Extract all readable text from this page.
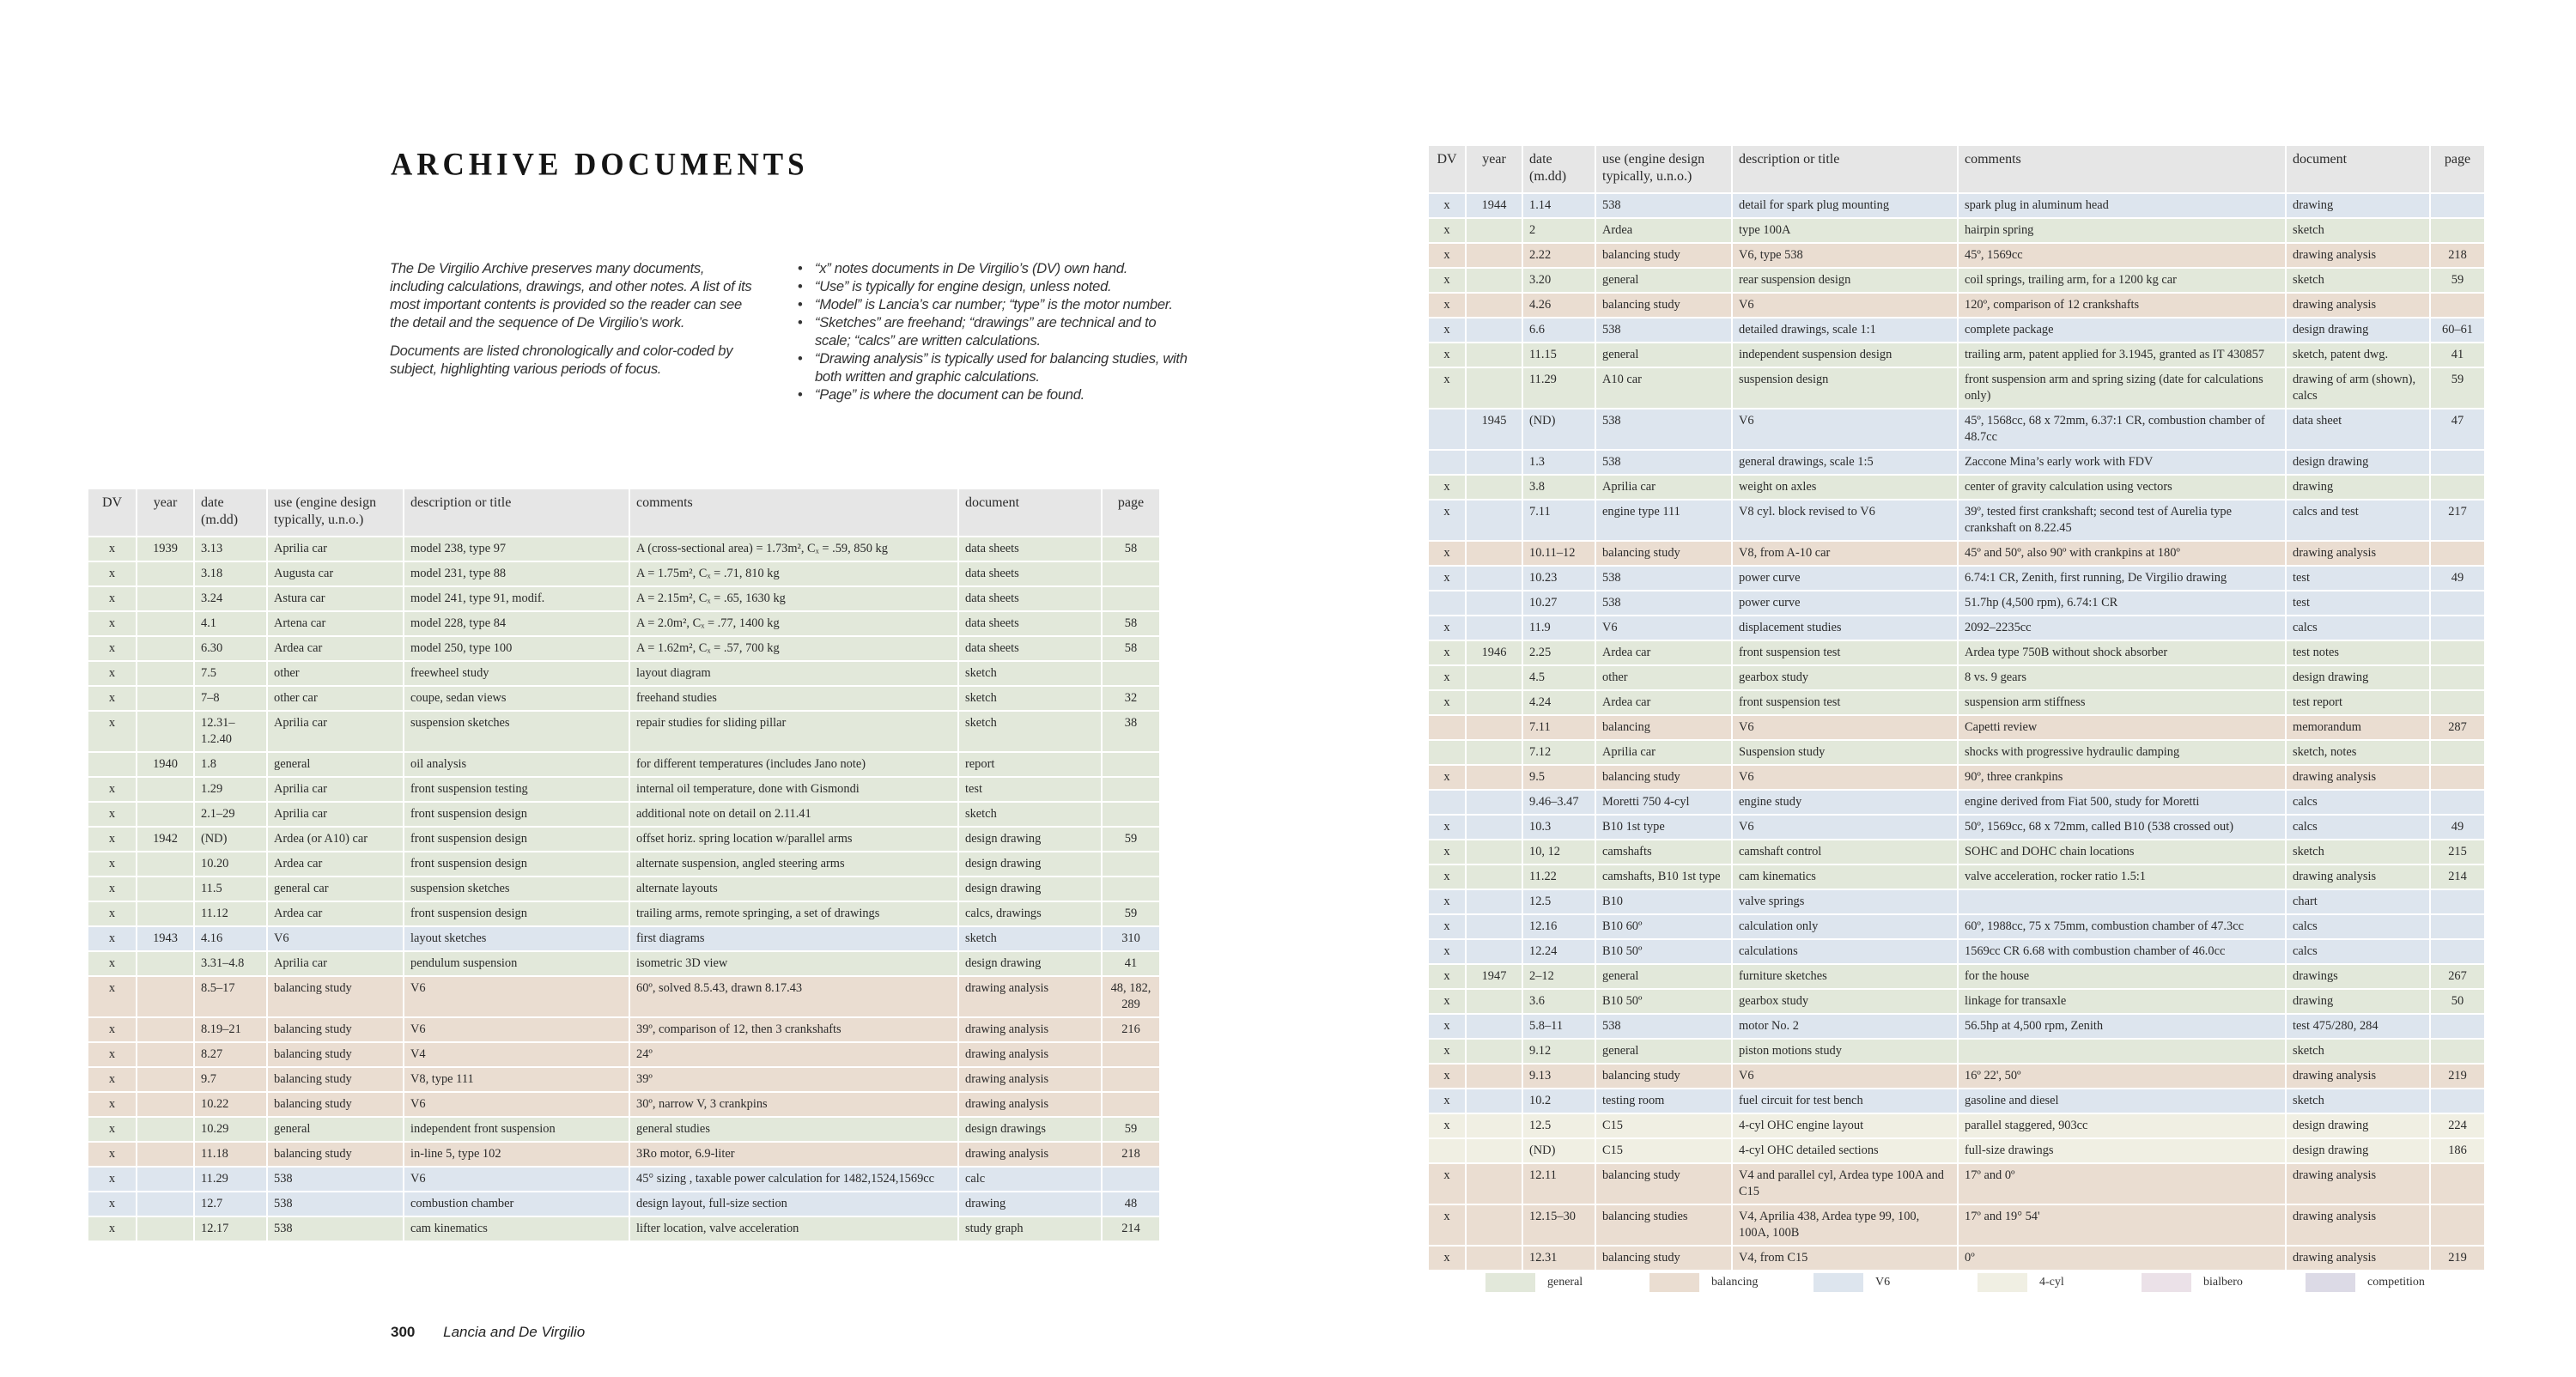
ARCHIVE DOCUMENTS

The De Virgilio Archive preserves many documents, including calculations, drawings, and other notes. A list of its most important contents is provided so the reader can see the detail and the sequence of De Virgilio’s work.

Documents are listed chronologically and color-coded by subject, highlighting various periods of focus.

• “x” notes documents in De Virgilio’s (DV) own hand.
• “Use” is typically for engine design, unless noted.
• “Model” is Lancia’s car number; “type” is the motor number.
• “Sketches” are freehand; “drawings” are technical and to scale; “calcs” are written calculations.
• “Drawing analysis” is typically used for balancing studies, with both written and graphic calculations.
• “Page” is where the document can be found.
DV	year	date (m.dd)	use (engine design typically, u.n.o.)	description or title	comments	document	page
x	1939	3.13	Aprilia car	model 238, type 97	A (cross-sectional area) = 1.73m², Cₓ = .59, 850 kg	data sheets	58
x		3.18	Augusta car	model 231, type 88	A = 1.75m², Cₓ = .71, 810 kg	data sheets	
x		3.24	Astura car	model 241, type 91, modif.	A = 2.15m², Cₓ = .65, 1630 kg	data sheets	
x		4.1	Artena car	model 228, type 84	A = 2.0m², Cₓ = .77, 1400 kg	data sheets	58
x		6.30	Ardea car	model 250, type 100	A = 1.62m², Cₓ = .57, 700 kg	data sheets	58
x		7.5	other	freewheel study	layout diagram	sketch	
x		7–8	other car	coupe, sedan views	freehand studies	sketch	32
x		12.31– 1.2.40	Aprilia car	suspension sketches	repair studies for sliding pillar	sketch	38
	1940	1.8	general	oil analysis	for different temperatures (includes Jano note)	report	
x		1.29	Aprilia car	front suspension testing	internal oil temperature, done with Gismondi	test	
x		2.1–29	Aprilia car	front suspension design	additional note on detail on 2.11.41	sketch	
x	1942	(ND)	Ardea (or A10) car	front suspension design	offset horiz. spring location w/parallel arms	design drawing	59
x		10.20	Ardea car	front suspension design	alternate suspension, angled steering arms	design drawing	
x		11.5	general car	suspension sketches	alternate layouts	design drawing	
x		11.12	Ardea car	front suspension design	trailing arms, remote springing, a set of drawings	calcs, drawings	59
x	1943	4.16	V6	layout sketches	first diagrams	sketch	310
x		3.31–4.8	Aprilia car	pendulum suspension	isometric 3D view	design drawing	41
x		8.5–17	balancing study	V6	60º, solved 8.5.43, drawn 8.17.43	drawing analysis	48, 182, 289
x		8.19–21	balancing study	V6	39º, comparison of 12, then 3 crankshafts	drawing analysis	216
x		8.27	balancing study	V4	24º	drawing analysis	
x		9.7	balancing study	V8, type 111	39º	drawing analysis	
x		10.22	balancing study	V6	30º, narrow V, 3 crankpins	drawing analysis	
x		10.29	general	independent front suspension	general studies	design drawings	59
x		11.18	balancing study	in-line 5, type 102	3Ro motor, 6.9-liter	drawing analysis	218
x		11.29	538	V6	45° sizing , taxable power calculation for 1482,1524,1569cc	calc	
x		12.7	538	combustion chamber	design layout, full-size section	drawing	48
x		12.17	538	cam kinematics	lifter location, valve acceleration	study graph	214
DV	year	date (m.dd)	use (engine design typically, u.n.o.)	description or title	comments	document	page
x	1944	1.14	538	detail for spark plug mounting	spark plug in aluminum head	drawing	
x		2	Ardea	type 100A	hairpin spring	sketch	
x		2.22	balancing study	V6, type 538	45º, 1569cc	drawing analysis	218
x		3.20	general	rear suspension design	coil springs, trailing arm, for a 1200 kg car	sketch	59
x		4.26	balancing study	V6	120º, comparison of 12 crankshafts	drawing analysis	
x		6.6	538	detailed drawings, scale 1:1	complete package	design drawing	60–61
x		11.15	general	independent suspension design	trailing arm, patent applied for 3.1945, granted as IT 430857	sketch, patent dwg.	41
x		11.29	A10 car	suspension design	front suspension arm and spring sizing (date for calculations only)	drawing of arm (shown), calcs	59
	1945	(ND)	538	V6	45º, 1568cc, 68 x 72mm, 6.37:1 CR, combustion chamber of 48.7cc	data sheet	47
		1.3	538	general drawings, scale 1:5	Zaccone Mina’s early work with FDV	design drawing	
x		3.8	Aprilia car	weight on axles	center of gravity calculation using vectors	drawing	
x		7.11	engine type 111	V8 cyl. block revised to V6	39º, tested first crankshaft; second test of Aurelia type crankshaft on 8.22.45	calcs and test	217
x		10.11–12	balancing study	V8, from A-10 car	45º and 50º, also 90º with crankpins at 180º	drawing analysis	
x		10.23	538	power curve	6.74:1 CR, Zenith, first running, De Virgilio drawing	test	49
		10.27	538	power curve	51.7hp (4,500 rpm), 6.74:1 CR	test	
x		11.9	V6	displacement studies	2092–2235cc	calcs	
x	1946	2.25	Ardea car	front suspension test	Ardea type 750B without shock absorber	test notes	
x		4.5	other	gearbox study	8 vs. 9 gears	design drawing	
x		4.24	Ardea car	front suspension test	suspension arm stiffness	test report	
		7.11	balancing	V6	Capetti review	memorandum	287
		7.12	Aprilia car	Suspension study	shocks with progressive hydraulic damping	sketch, notes	
x		9.5	balancing study	V6	90º, three crankpins	drawing analysis	
		9.46–3.47	Moretti 750 4-cyl	engine study	engine derived from Fiat 500, study for Moretti	calcs	
x		10.3	B10 1st type	V6	50º, 1569cc, 68 x 72mm, called B10 (538 crossed out)	calcs	49
x		10, 12	camshafts	camshaft control	SOHC and DOHC chain locations	sketch	215
x		11.22	camshafts, B10 1st type	cam kinematics	valve acceleration, rocker ratio 1.5:1	drawing analysis	214
x		12.5	B10	valve springs		chart	
x		12.16	B10 60º	calculation only	60º, 1988cc, 75 x 75mm, combustion chamber of 47.3cc	calcs	
x		12.24	B10 50º	calculations	1569cc CR 6.68 with combustion chamber of 46.0cc	calcs	
x	1947	2–12	general	furniture sketches	for the house	drawings	267
x		3.6	B10 50º	gearbox study	linkage for transaxle	drawing	50
x		5.8–11	538	motor No. 2	56.5hp at 4,500 rpm, Zenith	test 475/280, 284	
x		9.12	general	piston motions study		sketch	
x		9.13	balancing study	V6	16º 22', 50º	drawing analysis	219
x		10.2	testing room	fuel circuit for test bench	gasoline and diesel	sketch	
x		12.5	C15	4-cyl OHC engine layout	parallel staggered, 903cc	design drawing	224
		(ND)	C15	4-cyl OHC detailed sections	full-size drawings	design drawing	186
x		12.11	balancing study	V4 and parallel cyl, Ardea type 100A and C15	17º and 0º	drawing analysis	
x		12.15–30	balancing studies	V4, Aprilia 438, Ardea type 99, 100, 100A, 100B	17º and 19° 54'	drawing analysis	
x		12.31	balancing study	V4, from C15	0º	drawing analysis	219
general	balancing	V6	4-cyl	bialbero	competition
300 Lancia and De Virgilio
